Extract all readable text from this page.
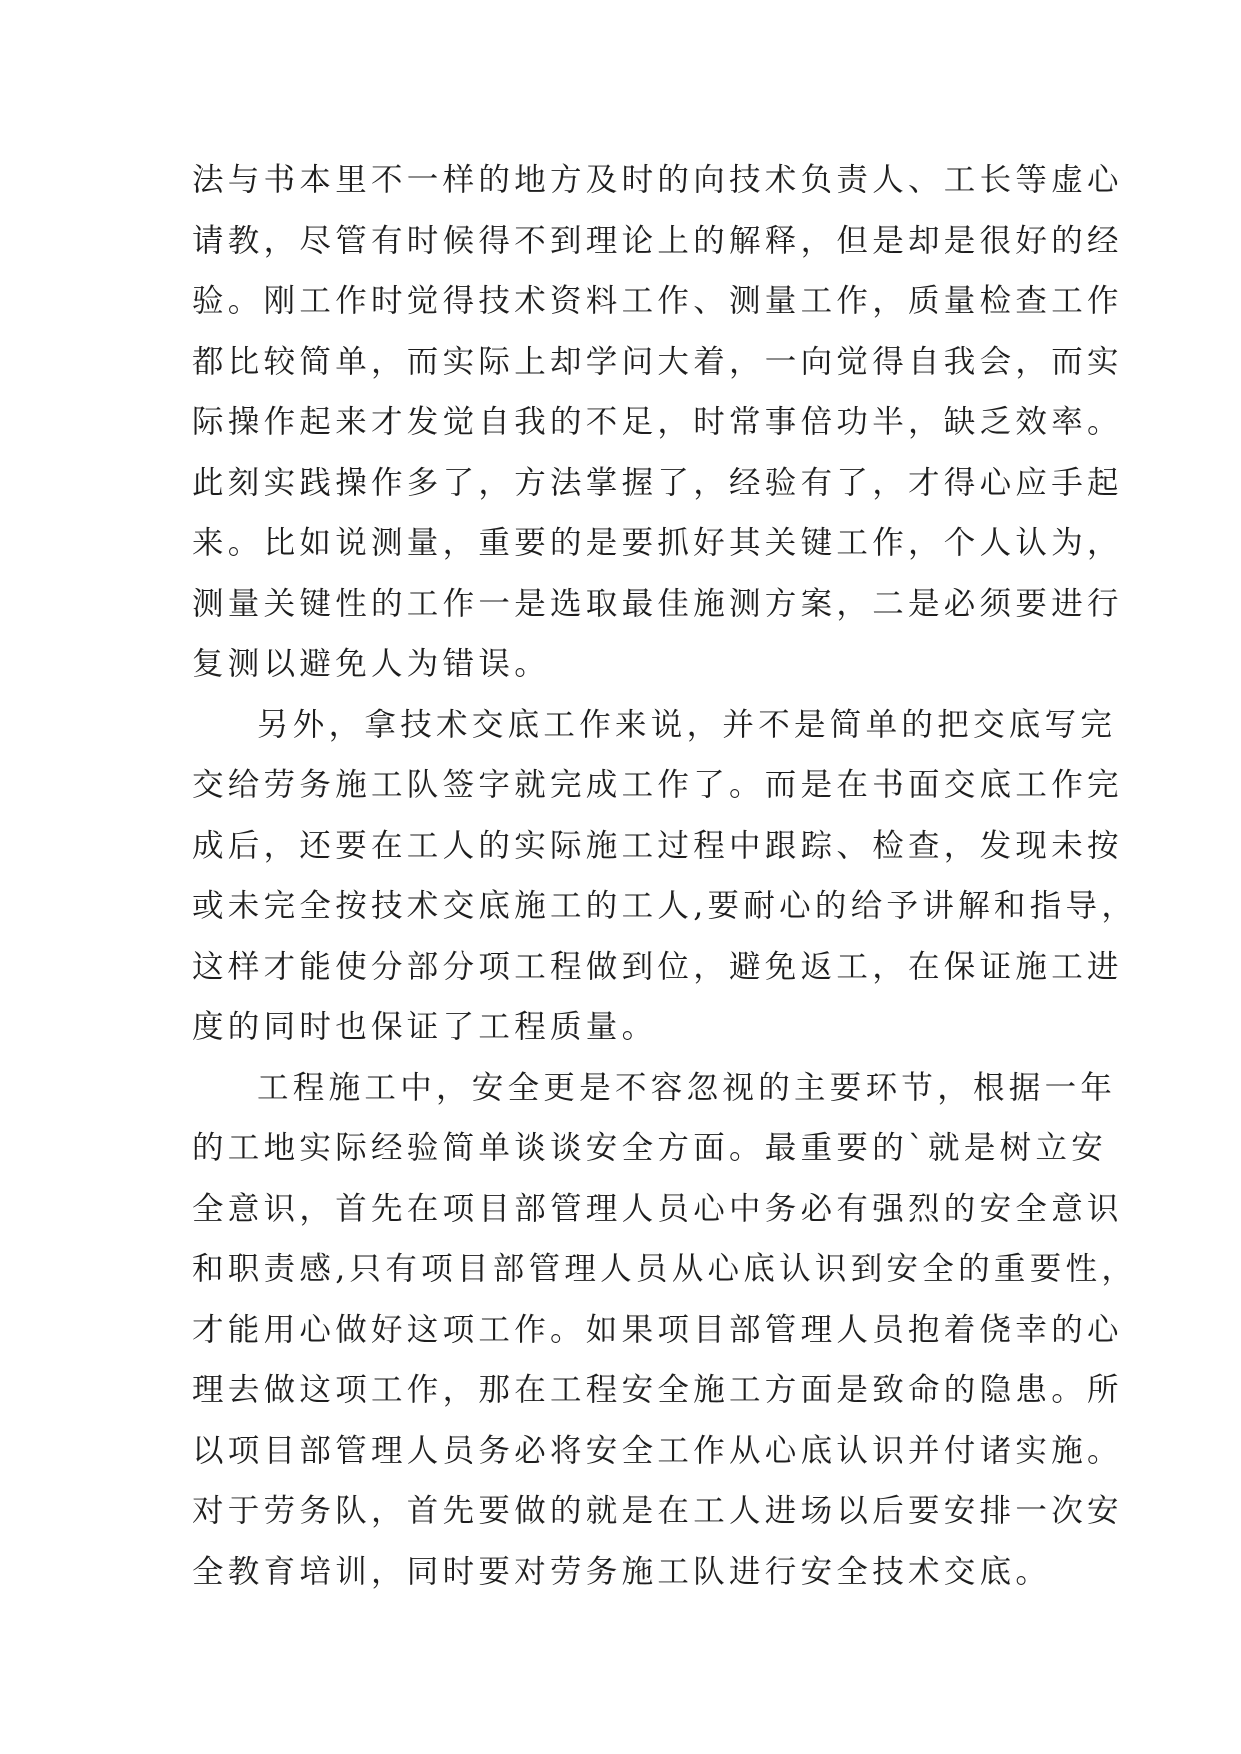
法与书本里不一样的地方及时的向技术负责人、工长等虚心
请教，尽管有时候得不到理论上的解释，但是却是很好的经
验。刚工作时觉得技术资料工作、测量工作，质量检查工作
都比较简单，而实际上却学问大着，一向觉得自我会，而实
际操作起来才发觉自我的不足，时常事倍功半，缺乏效率。
此刻实践操作多了，方法掌握了，经验有了，才得心应手起
来。比如说测量，重要的是要抓好其关键工作，个人认为，
测量关键性的工作一是选取最佳施测方案，二是必须要进行
复测以避免人为错误。
另外，拿技术交底工作来说，并不是简单的把交底写完
交给劳务施工队签字就完成工作了。而是在书面交底工作完
成后，还要在工人的实际施工过程中跟踪、检查，发现未按
或未完全按技术交底施工的工人,要耐心的给予讲解和指导，
这样才能使分部分项工程做到位，避免返工，在保证施工进
度的同时也保证了工程质量。
工程施工中，安全更是不容忽视的主要环节，根据一年
的工地实际经验简单谈谈安全方面。最重要的`就是树立安
全意识，首先在项目部管理人员心中务必有强烈的安全意识
和职责感,只有项目部管理人员从心底认识到安全的重要性，
才能用心做好这项工作。如果项目部管理人员抱着侥幸的心
理去做这项工作，那在工程安全施工方面是致命的隐患。所
以项目部管理人员务必将安全工作从心底认识并付诸实施。
对于劳务队，首先要做的就是在工人进场以后要安排一次安
全教育培训，同时要对劳务施工队进行安全技术交底。
